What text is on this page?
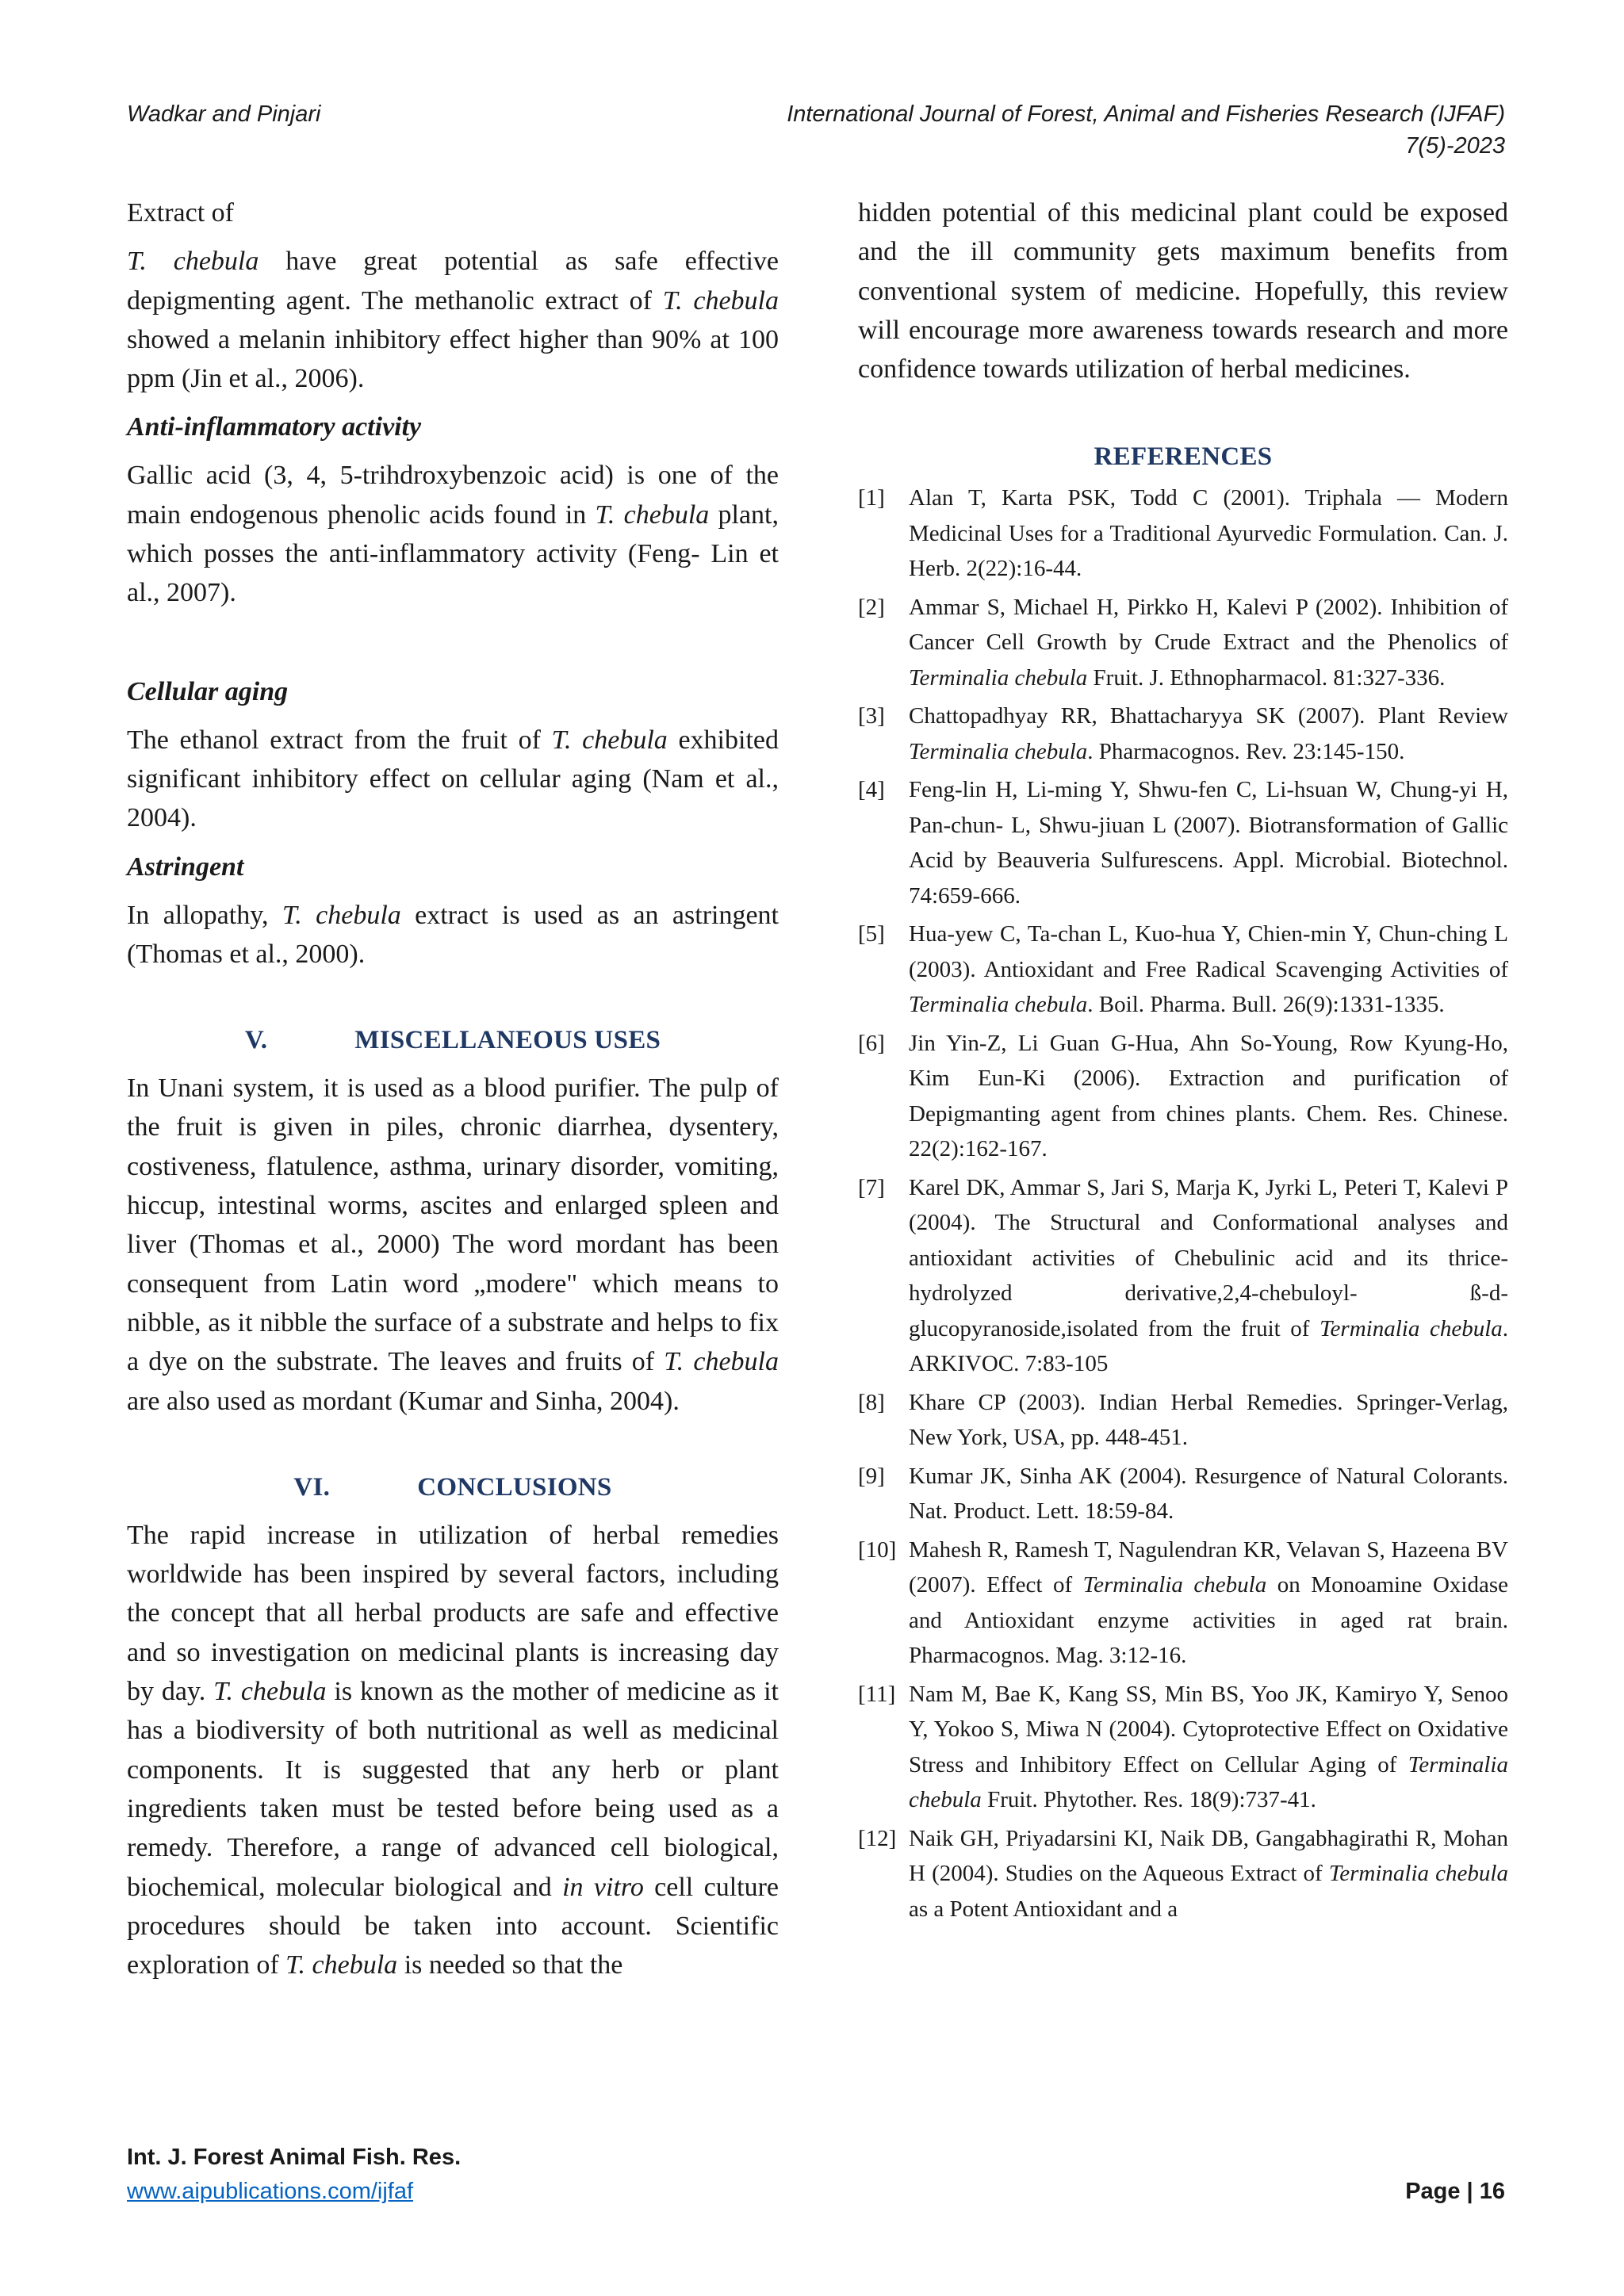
Wadkar and Pinjari	International Journal of Forest, Animal and Fisheries Research (IJFAF)
7(5)-2023

Extract of

T. chebula have great potential as safe effective depigmenting agent. The methanolic extract of T. chebula showed a melanin inhibitory effect higher than 90% at 100 ppm (Jin et al., 2006).

Anti-inflammatory activity

Gallic acid (3, 4, 5-trihdroxybenzoic acid) is one of the main endogenous phenolic acids found in T. chebula plant, which posses the anti-inflammatory activity (Feng- Lin et al., 2007).

Cellular aging

The ethanol extract from the fruit of T. chebula exhibited significant inhibitory effect on cellular aging (Nam et al., 2004).

Astringent

In allopathy, T. chebula extract is used as an astringent (Thomas et al., 2000).

V.	MISCELLANEOUS USES

In Unani system, it is used as a blood purifier. The pulp of the fruit is given in piles, chronic diarrhea, dysentery, costiveness, flatulence, asthma, urinary disorder, vomiting, hiccup, intestinal worms, ascites and enlarged spleen and liver (Thomas et al., 2000) The word mordant has been consequent from Latin word „modere" which means to nibble, as it nibble the surface of a substrate and helps to fix a dye on the substrate. The leaves and fruits of T. chebula are also used as mordant (Kumar and Sinha, 2004).

VI.	CONCLUSIONS

The rapid increase in utilization of herbal remedies worldwide has been inspired by several factors, including the concept that all herbal products are safe and effective and so investigation on medicinal plants is increasing day by day. T. chebula is known as the mother of medicine as it has a biodiversity of both nutritional as well as medicinal components. It is suggested that any herb or plant ingredients taken must be tested before being used as a remedy. Therefore, a range of advanced cell biological, biochemical, molecular biological and in vitro cell culture procedures should be taken into account. Scientific exploration of T. chebula is needed so that the

hidden potential of this medicinal plant could be exposed and the ill community gets maximum benefits from conventional system of medicine. Hopefully, this review will encourage more awareness towards research and more confidence towards utilization of herbal medicines.

REFERENCES

[1] Alan T, Karta PSK, Todd C (2001). Triphala — Modern Medicinal Uses for a Traditional Ayurvedic Formulation. Can. J. Herb. 2(22):16-44.
[2] Ammar S, Michael H, Pirkko H, Kalevi P (2002). Inhibition of Cancer Cell Growth by Crude Extract and the Phenolics of Terminalia chebula Fruit. J. Ethnopharmacol. 81:327-336.
[3] Chattopadhyay RR, Bhattacharyya SK (2007). Plant Review Terminalia chebula. Pharmacognos. Rev. 23:145-150.
[4] Feng-lin H, Li-ming Y, Shwu-fen C, Li-hsuan W, Chung-yi H, Pan-chun- L, Shwu-jiuan L (2007). Biotransformation of Gallic Acid by Beauveria Sulfurescens. Appl. Microbial. Biotechnol. 74:659-666.
[5] Hua-yew C, Ta-chan L, Kuo-hua Y, Chien-min Y, Chun-ching L (2003). Antioxidant and Free Radical Scavenging Activities of Terminalia chebula. Boil. Pharma. Bull. 26(9):1331-1335.
[6] Jin Yin-Z, Li Guan G-Hua, Ahn So-Young, Row Kyung-Ho, Kim Eun-Ki (2006). Extraction and purification of Depigmanting agent from chines plants. Chem. Res. Chinese. 22(2):162-167.
[7] Karel DK, Ammar S, Jari S, Marja K, Jyrki L, Peteri T, Kalevi P (2004). The Structural and Conformational analyses and antioxidant activities of Chebulinic acid and its thrice-hydrolyzed derivative,2,4-chebuloyl- ß-d-glucopyranoside,isolated from the fruit of Terminalia chebula. ARKIVOC. 7:83-105
[8] Khare CP (2003). Indian Herbal Remedies. Springer-Verlag, New York, USA, pp. 448-451.
[9] Kumar JK, Sinha AK (2004). Resurgence of Natural Colorants. Nat. Product. Lett. 18:59-84.
[10] Mahesh R, Ramesh T, Nagulendran KR, Velavan S, Hazeena BV (2007). Effect of Terminalia chebula on Monoamine Oxidase and Antioxidant enzyme activities in aged rat brain. Pharmacognos. Mag. 3:12-16.
[11] Nam M, Bae K, Kang SS, Min BS, Yoo JK, Kamiryo Y, Senoo Y, Yokoo S, Miwa N (2004). Cytoprotective Effect on Oxidative Stress and Inhibitory Effect on Cellular Aging of Terminalia chebula Fruit. Phytother. Res. 18(9):737-41.
[12] Naik GH, Priyadarsini KI, Naik DB, Gangabhagirathi R, Mohan H (2004). Studies on the Aqueous Extract of Terminalia chebula as a Potent Antioxidant and a
Int. J. Forest Animal Fish. Res.
www.aipublications.com/ijfaf	Page | 16
